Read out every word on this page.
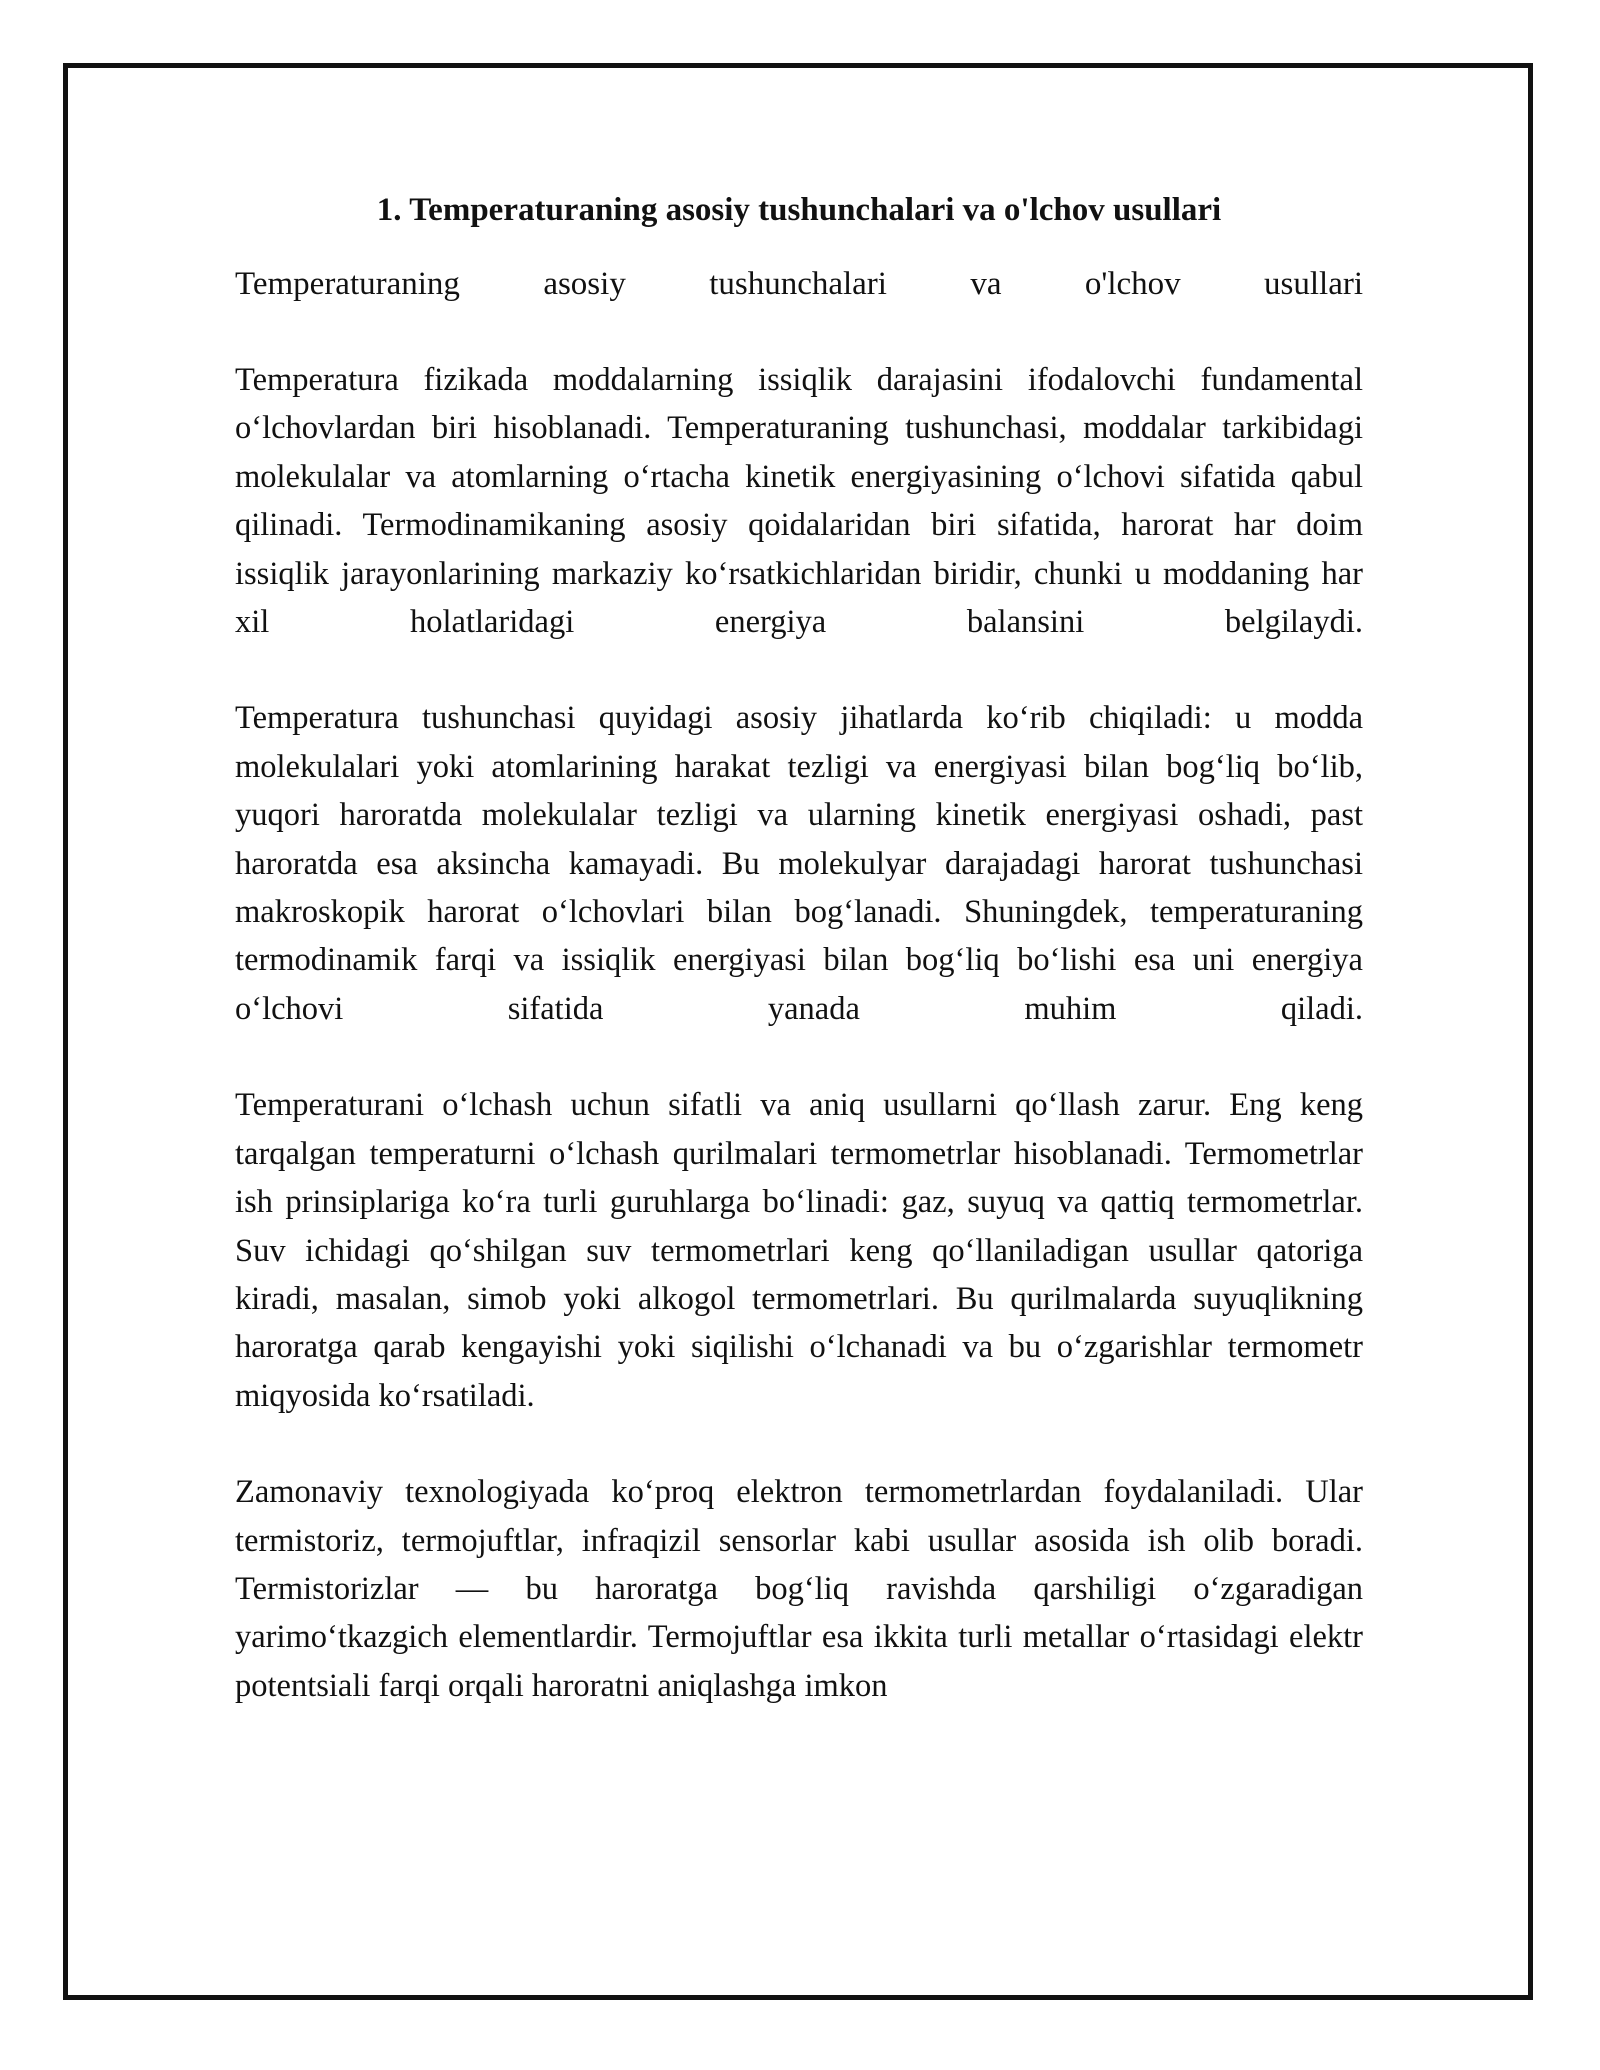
1. Temperaturaning asosiy tushunchalari va o'lchov usullari
Temperaturaning	asosiy	tushunchalari	va	o'lchov	usullari

Temperatura fizikada moddalarning issiqlik darajasini ifodalovchi fundamental oʻlchovlardan biri hisoblanadi. Temperaturaning tushunchasi, moddalar tarkibidagi molekulalar va atomlarning oʻrtacha kinetik energiyasining oʻlchovi sifatida qabul qilinadi. Termodinamikaning asosiy qoidalaridan biri sifatida, harorat har doim issiqlik jarayonlarining markaziy koʻrsatkichlaridan biridir, chunki u moddaning har xil holatlaridagi energiya balansini belgilaydi.

Temperatura tushunchasi quyidagi asosiy jihatlarda koʻrib chiqiladi: u modda molekulalari yoki atomlarining harakat tezligi va energiyasi bilan bogʻliq boʻlib, yuqori haroratda molekulalar tezligi va ularning kinetik energiyasi oshadi, past haroratda esa aksincha kamayadi. Bu molekulyar darajadagi harorat tushunchasi makroskopik harorat oʻlchovlari bilan bogʻlanadi. Shuningdek, temperaturaning termodinamik farqi va issiqlik energiyasi bilan bogʻliq boʻlishi esa uni energiya oʻlchovi sifatida yanada muhim qiladi.

Temperaturani oʻlchash uchun sifatli va aniq usullarni qoʻllash zarur. Eng keng tarqalgan temperaturni oʻlchash qurilmalari termometrlar hisoblanadi. Termometrlar ish prinsiplariga koʻra turli guruhlarga boʻlinadi: gaz, suyuq va qattiq termometrlar. Suv ichidagi qoʻshilgan suv termometrlari keng qoʻllaniladigan usullar qatoriga kiradi, masalan, simob yoki alkogol termometrlari. Bu qurilmalarda suyuqlikning haroratga qarab kengayishi yoki siqilishi oʻlchanadi va bu oʻzgarishlar termometr miqyosida koʻrsatiladi.

Zamonaviy texnologiyada koʻproq elektron termometrlardan foydalaniladi. Ular termistoriz, termojuftlar, infraqizil sensorlar kabi usullar asosida ish olib boradi. Termistorizlar — bu haroratga bogʻliq ravishda qarshiligi oʻzgaradigan yarimoʻtkazgich elementlardir. Termojuftlar esa ikkita turli metallar oʻrtasidagi elektr potentsiali farqi orqali haroratni aniqlashga imkon
